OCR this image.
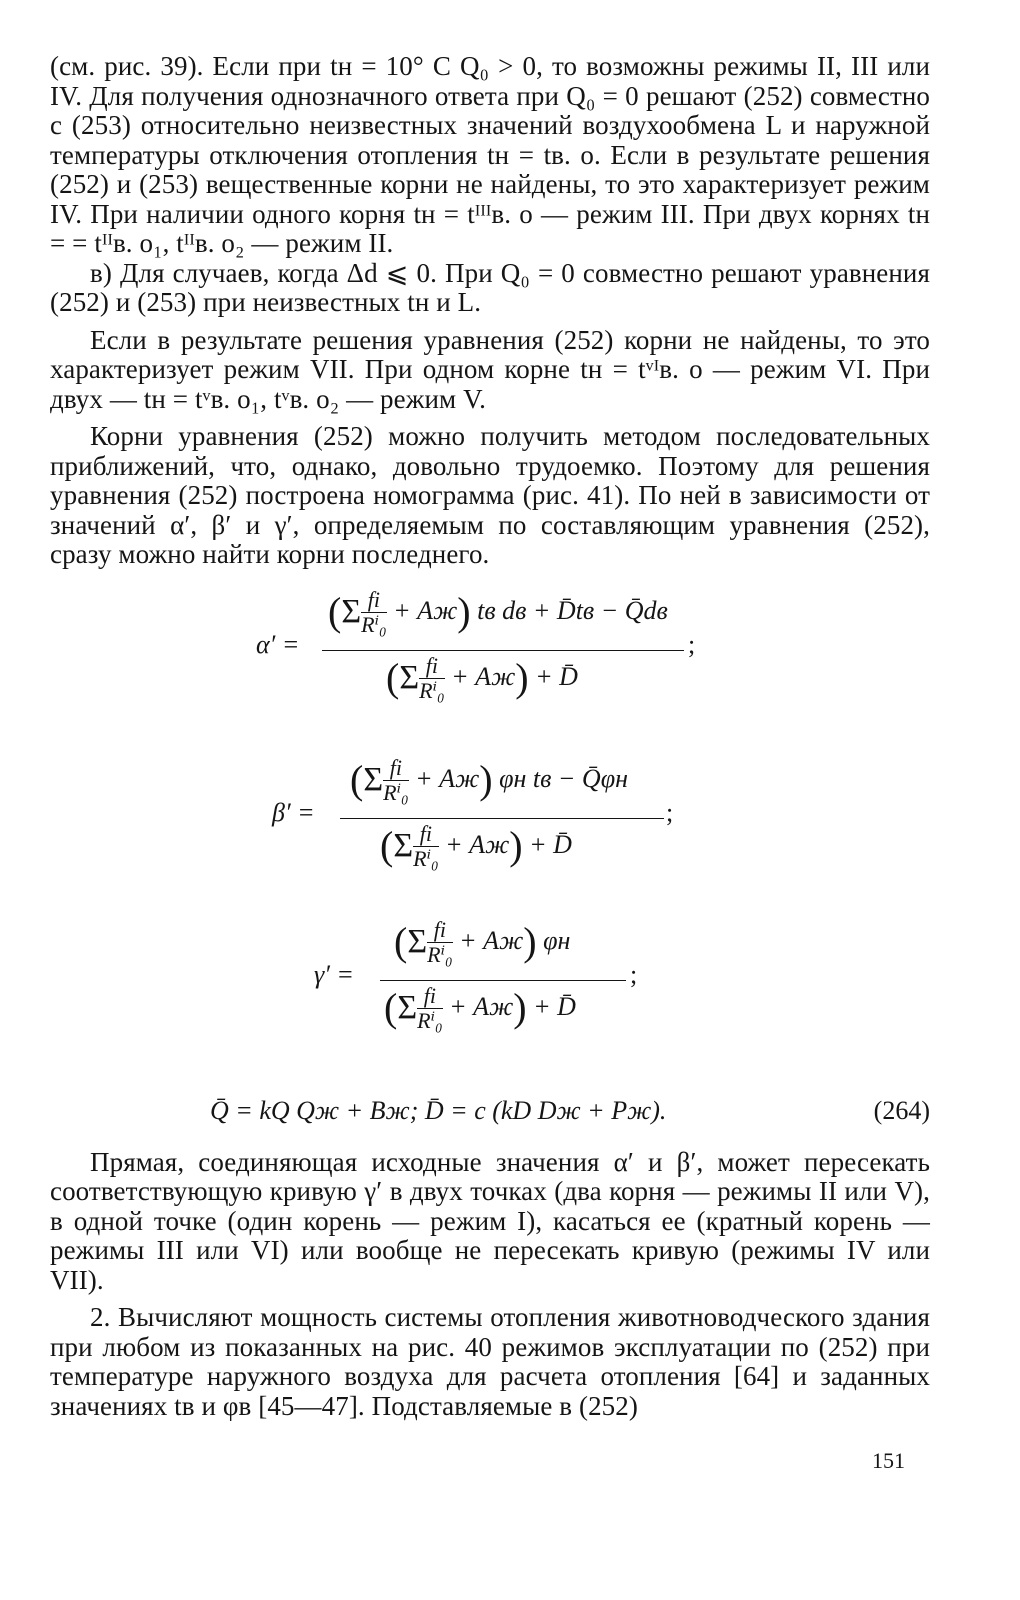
(см. рис. 39). Если при tн = 10° С Q₀ > 0, то возможны режимы II, III или IV. Для получения однозначного ответа при Q₀ = 0 решают (252) совместно с (253) относительно неизвестных значений воздухообмена L и наружной температуры отключения отопления tн = tв. о. Если в результате решения (252) и (253) вещественные корни не найдены, то это характеризует режим IV. При наличии одного корня tн = tᴵᴵᴵв. о — режим III. При двух корнях tн = = tᴵᴵв. о₁, tᴵᴵв. о₂ — режим II.

в) Для случаев, когда Δd ⩽ 0. При Q₀ = 0 совместно решают уравнения (252) и (253) при неизвестных tн и L.

Если в результате решения уравнения (252) корни не найдены, то это характеризует режим VII. При одном корне tн = tᵛᴵв. о — режим VI. При двух — tн = tᵛв. о₁, tᵛв. о₂ — режим V.

Корни уравнения (252) можно получить методом последовательных приближений, что, однако, довольно трудоемко. Поэтому для решения уравнения (252) построена номограмма (рис. 41). По ней в зависимости от значений α′, β′ и γ′, определяемым по составляющим уравнения (252), сразу можно найти корни последнего.

$(\Sigma \frac{fi}{\text{Rⁱ₀}} + Aж)$ tв dв + D̄tв − Q̄dв
α′ =	;
$(\Sigma \frac{fi}{\text{Rⁱ₀}} + Aж)$ + D̄
$(\Sigma \frac{fi}{\text{Rⁱ₀}} + Aж)$ φн tв − Q̄φн
β′ =	;
$(\Sigma \frac{fi}{\text{Rⁱ₀}} + Aж)$ + D̄
$(\Sigma \frac{fi}{\text{Rⁱ₀}} + Aж)$ φн
γ′ =	;
$(\Sigma \frac{fi}{\text{Rⁱ₀}} + Aж)$ + D̄
Q̄ = kQ Qж + Bж; D̄ = c (kD Dж + Pж).	(264)

Прямая, соединяющая исходные значения α′ и β′, может пересекать соответствующую кривую γ′ в двух точках (два корня — режимы II или V), в одной точке (один корень — режим I), касаться ее (кратный корень — режимы III или VI) или вообще не пересекать кривую (режимы IV или VII).

2. Вычисляют мощность системы отопления животноводческого здания при любом из показанных на рис. 40 режимов эксплуатации по (252) при температуре наружного воздуха для расчета отопления [64] и заданных значениях tв и φв [45—47]. Подставляемые в (252)

151
